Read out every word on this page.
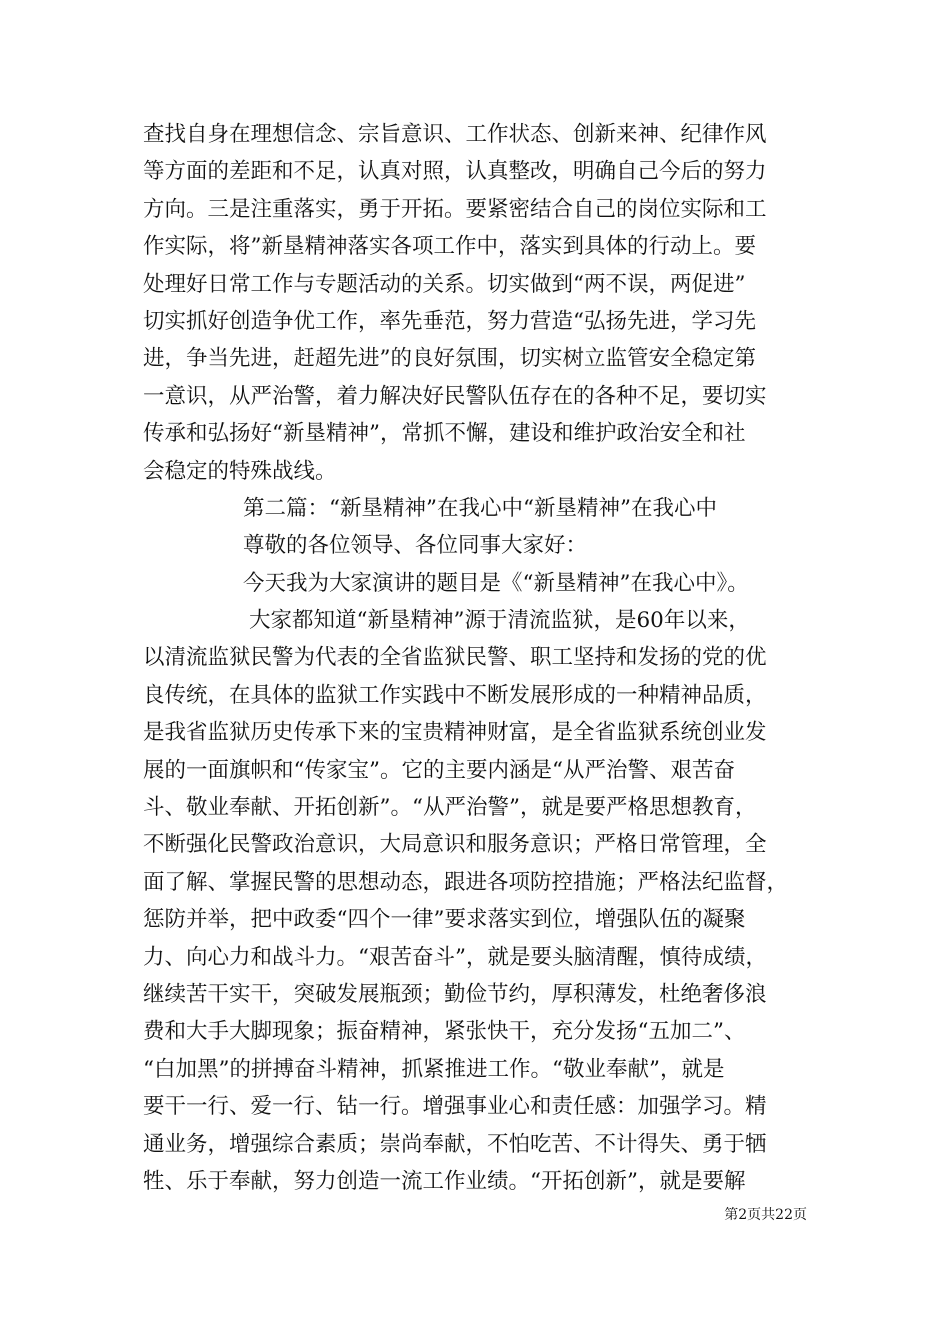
查找自身在理想信念、宗旨意识、工作状态、创新来神、纪律作风
等方面的差距和不足，认真对照，认真整改，明确自己今后的努力
方向。三是注重落实，勇于开拓。要紧密结合自己的岗位实际和工
作实际，将”新垦精神落实各项工作中，落实到具体的行动上。要
处理好日常工作与专题活动的关系。切实做到“两不误，两促进”
切实抓好创造争优工作，率先垂范，努力营造“弘扬先进，学习先
进，争当先进，赶超先进”的良好氛围，切实树立监管安全稳定第
一意识，从严治警，着力解决好民警队伍存在的各种不足，要切实
传承和弘扬好“新垦精神”，常抓不懈，建设和维护政治安全和社
会稳定的特殊战线。
第二篇：“新垦精神”在我心中“新垦精神”在我心中
尊敬的各位领导、各位同事大家好：
今天我为大家演讲的题目是《“新垦精神”在我心中》。
大家都知道“新垦精神”源于清流监狱，是60年以来，
以清流监狱民警为代表的全省监狱民警、职工坚持和发扬的党的优
良传统，在具体的监狱工作实践中不断发展形成的一种精神品质，
是我省监狱历史传承下来的宝贵精神财富，是全省监狱系统创业发
展的一面旗帜和“传家宝”。它的主要内涵是“从严治警、艰苦奋
斗、敬业奉献、开拓创新”。“从严治警”，就是要严格思想教育，
不断强化民警政治意识，大局意识和服务意识；严格日常管理，全
面了解、掌握民警的思想动态，跟进各项防控措施；严格法纪监督，
惩防并举，把中政委“四个一律”要求落实到位，增强队伍的凝聚
力、向心力和战斗力。“艰苦奋斗”，就是要头脑清醒，慎待成绩，
继续苦干实干，突破发展瓶颈；勤俭节约，厚积薄发，杜绝奢侈浪
费和大手大脚现象；振奋精神，紧张快干，充分发扬“五加二”、
“白加黑”的拼搏奋斗精神，抓紧推进工作。“敬业奉献”，就是
要干一行、爱一行、钻一行。增强事业心和责任感：加强学习。精
通业务，增强综合素质；崇尚奉献，不怕吃苦、不计得失、勇于牺
牲、乐于奉献，努力创造一流工作业绩。“开拓创新”，就是要解
第2页共22页
